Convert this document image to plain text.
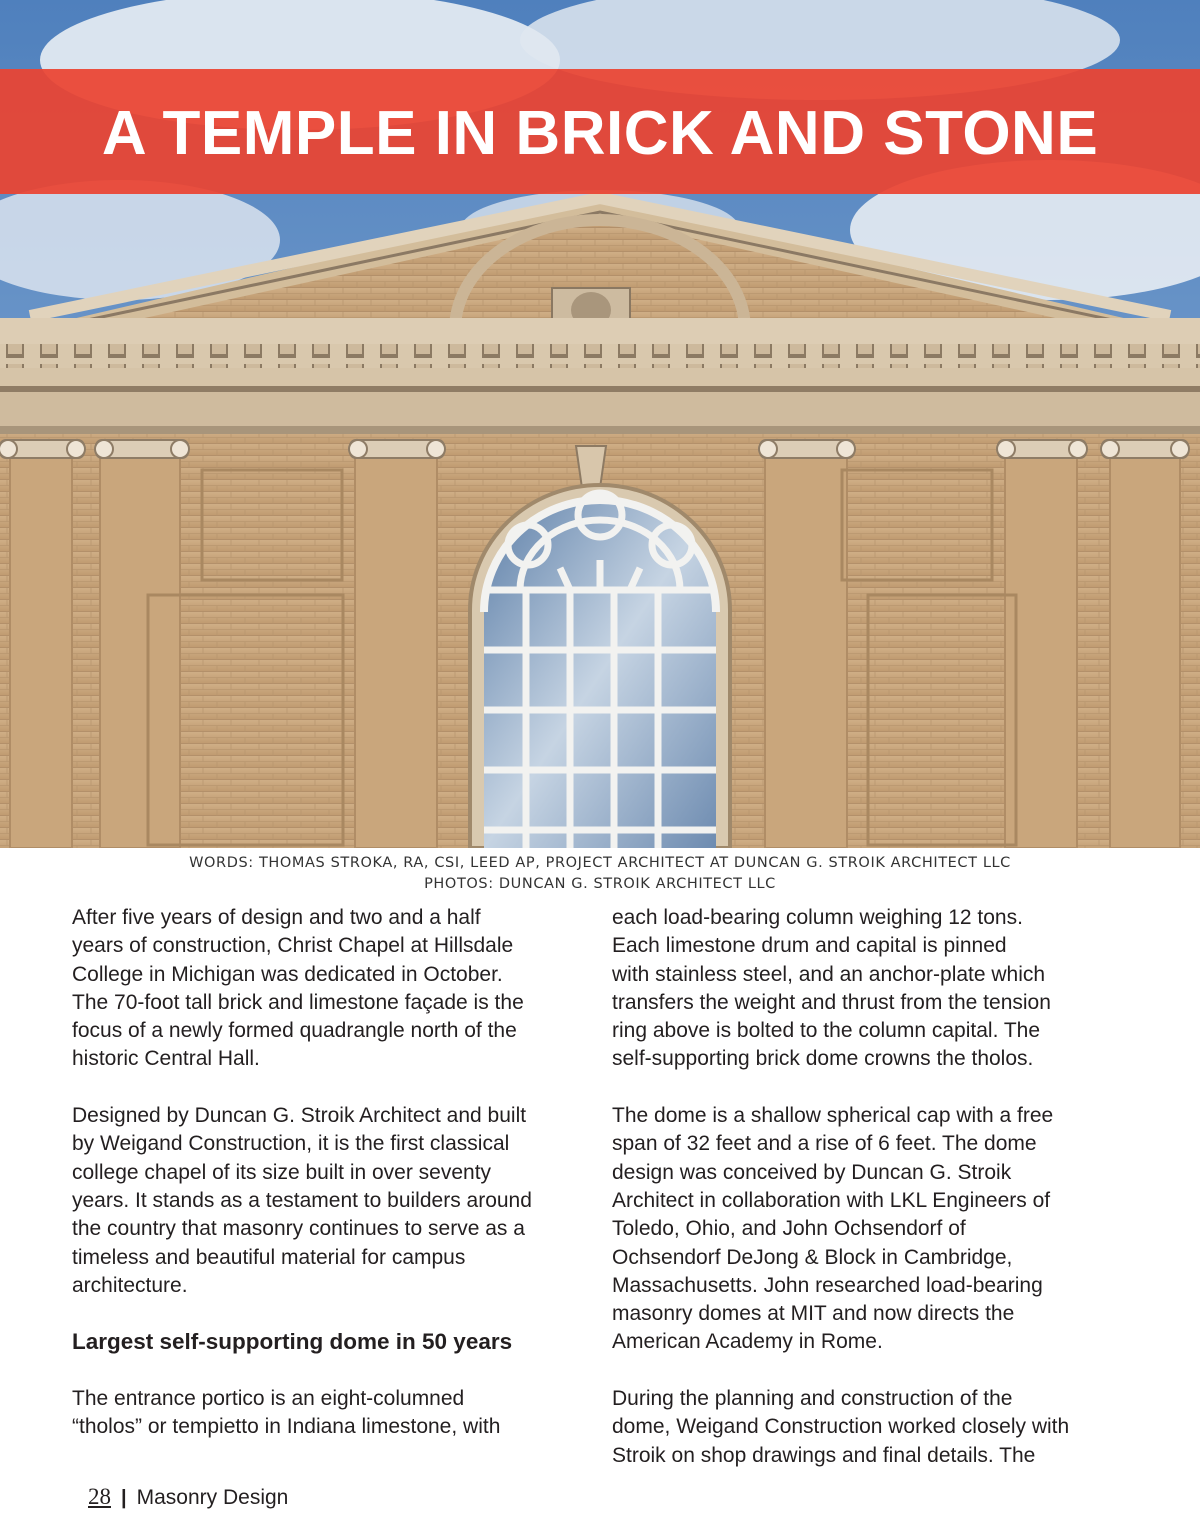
A TEMPLE IN BRICK AND STONE
WORDS: THOMAS STROKA, RA, CSI, LEED AP, PROJECT ARCHITECT AT DUNCAN G. STROIK ARCHITECT LLC
PHOTOS: DUNCAN G. STROIK ARCHITECT LLC

After five years of design and two and a half
years of construction, Christ Chapel at Hillsdale
College in Michigan was dedicated in October.
The 70-foot tall brick and limestone façade is the
focus of a newly formed quadrangle north of the
historic Central Hall.

Designed by Duncan G. Stroik Architect and built
by Weigand Construction, it is the first classical
college chapel of its size built in over seventy
years. It stands as a testament to builders around
the country that masonry continues to serve as a
timeless and beautiful material for campus
architecture.

Largest self-supporting dome in 50 years

The entrance portico is an eight-columned
“tholos” or tempietto in Indiana limestone, with

each load-bearing column weighing 12 tons.
Each limestone drum and capital is pinned
with stainless steel, and an anchor-plate which
transfers the weight and thrust from the tension
ring above is bolted to the column capital. The
self-supporting brick dome crowns the tholos.

The dome is a shallow spherical cap with a free
span of 32 feet and a rise of 6 feet. The dome
design was conceived by Duncan G. Stroik
Architect in collaboration with LKL Engineers of
Toledo, Ohio, and John Ochsendorf of
Ochsendorf DeJong & Block in Cambridge,
Massachusetts. John researched load-bearing
masonry domes at MIT and now directs the
American Academy in Rome.

During the planning and construction of the
dome, Weigand Construction worked closely with
Stroik on shop drawings and final details. The

28 | Masonry Design
